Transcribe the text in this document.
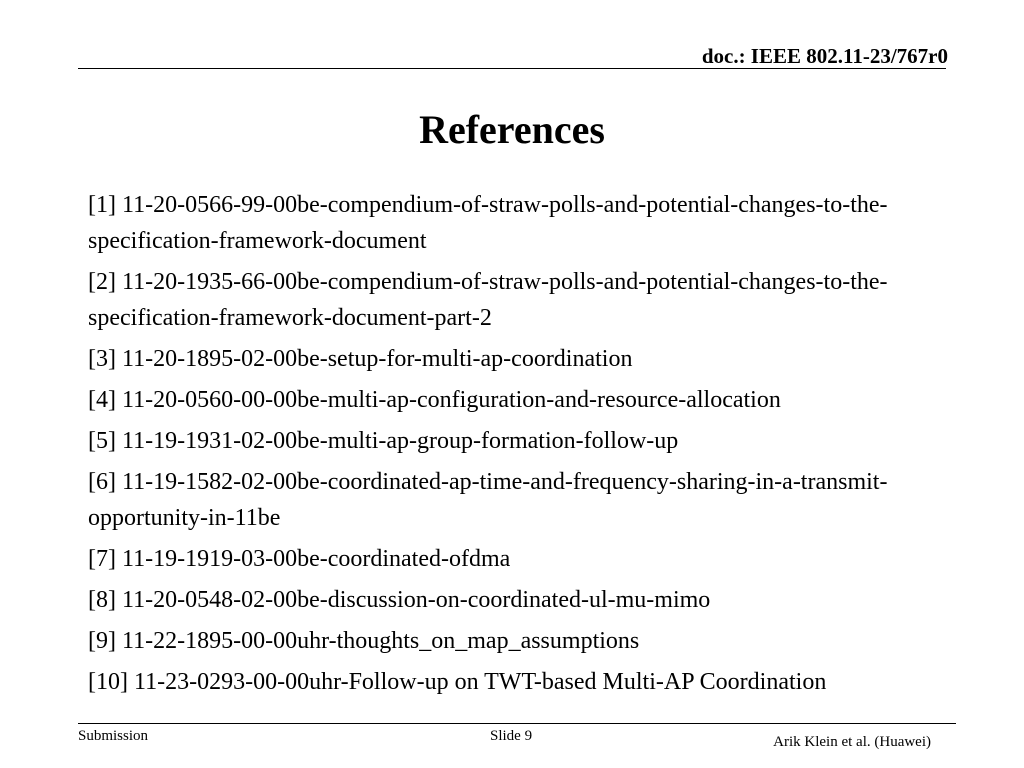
doc.: IEEE 802.11-23/767r0
References
[1] 11-20-0566-99-00be-compendium-of-straw-polls-and-potential-changes-to-the-specification-framework-document
[2] 11-20-1935-66-00be-compendium-of-straw-polls-and-potential-changes-to-the-specification-framework-document-part-2
[3] 11-20-1895-02-00be-setup-for-multi-ap-coordination
[4] 11-20-0560-00-00be-multi-ap-configuration-and-resource-allocation
[5] 11-19-1931-02-00be-multi-ap-group-formation-follow-up
[6] 11-19-1582-02-00be-coordinated-ap-time-and-frequency-sharing-in-a-transmit-opportunity-in-11be
[7] 11-19-1919-03-00be-coordinated-ofdma
[8] 11-20-0548-02-00be-discussion-on-coordinated-ul-mu-mimo
[9] 11-22-1895-00-00uhr-thoughts_on_map_assumptions
[10] 11-23-0293-00-00uhr-Follow-up on TWT-based Multi-AP Coordination
Submission	Slide 9	Arik Klein et al. (Huawei)
